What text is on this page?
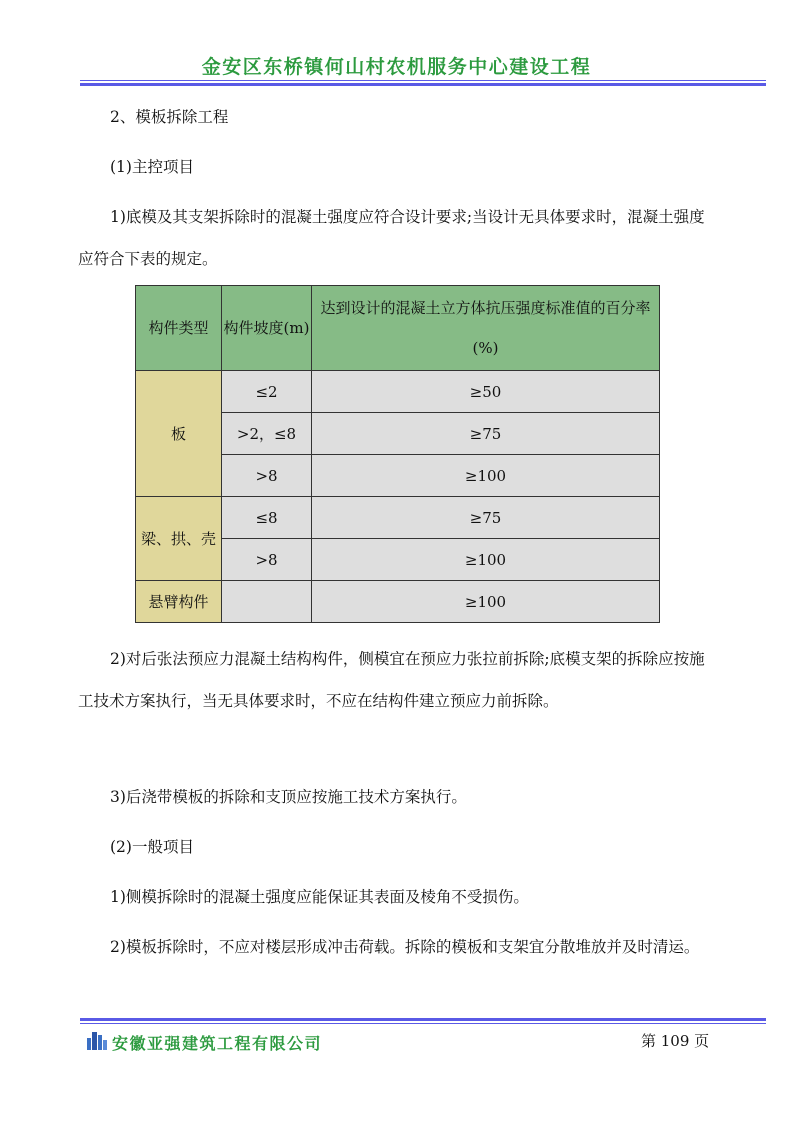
金安区东桥镇何山村农机服务中心建设工程

2、模板拆除工程

(1)主控项目

1)底模及其支架拆除时的混凝土强度应符合设计要求;当设计无具体要求时，混凝土强度应符合下表的规定。

构件类型	构件坡度(m)	达到设计的混凝土立方体抗压强度标准值的百分率(%)
板	≤2	≥50
	>2，≤8	≥75
	>8	≥100
梁、拱、壳	≤8	≥75
	>8	≥100
悬臂构件		≥100

2)对后张法预应力混凝土结构构件，侧模宜在预应力张拉前拆除;底模支架的拆除应按施工技术方案执行，当无具体要求时，不应在结构件建立预应力前拆除。

3)后浇带模板的拆除和支顶应按施工技术方案执行。

(2)一般项目

1)侧模拆除时的混凝土强度应能保证其表面及棱角不受损伤。

2)模板拆除时，不应对楼层形成冲击荷载。拆除的模板和支架宜分散堆放并及时清运。

安徽亚强建筑工程有限公司	第 109 页
